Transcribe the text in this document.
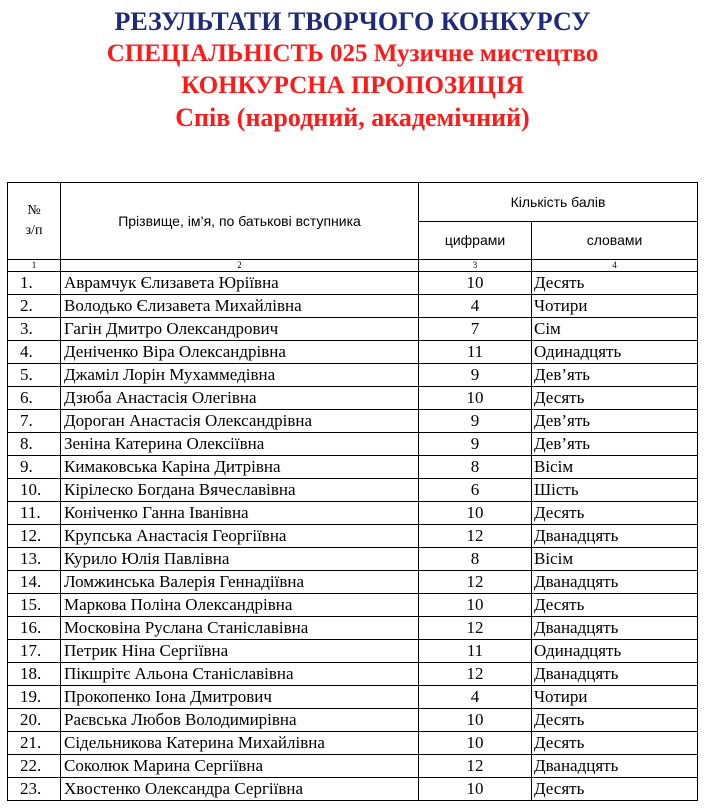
РЕЗУЛЬТАТИ ТВОРЧОГО КОНКУРСУ
СПЕЦІАЛЬНІСТЬ 025 Музичне мистецтво
КОНКУРСНА ПРОПОЗИЦІЯ
Спів (народний, академічний)
№
з/п	Прізвище, ім’я, по батькові вступника	Кількість балів	
		цифрами	словами
1	2	3	4
1.	Аврамчук Єлизавета Юріївна	10	Десять
2.	Володько Єлизавета Михайлівна	4	Чотири
3.	Гагін Дмитро Олександрович	7	Сім
4.	Деніченко Віра Олександрівна	11	Одинадцять
5.	Джаміл Лорін Мухаммедівна	9	Дев’ять
6.	Дзюба Анастасія Олегівна	10	Десять
7.	Дороган Анастасія Олександрівна	9	Дев’ять
8.	Зеніна Катерина Олексіївна	9	Дев’ять
9.	Кимаковська Каріна Дитрівна	8	Вісім
10.	Кірілеско Богдана Вячеславівна	6	Шість
11.	Коніченко Ганна Іванівна	10	Десять
12.	Крупська Анастасія Георгіївна	12	Дванадцять
13.	Курило Юлія Павлівна	8	Вісім
14.	Ломжинська Валерія Геннадіївна	12	Дванадцять
15.	Маркова Поліна Олександрівна	10	Десять
16.	Московіна Руслана Станіславівна	12	Дванадцять
17.	Петрик Ніна Сергіївна	11	Одинадцять
18.	Пікшрітє Альона Станіславівна	12	Дванадцять
19.	Прокопенко Іона Дмитрович	4	Чотири
20.	Раєвська Любов Володимирівна	10	Десять
21.	Сідельникова Катерина Михайлівна	10	Десять
22.	Соколюк Марина Сергіївна	12	Дванадцять
23.	Хвостенко Олександра Сергіївна	10	Десять
